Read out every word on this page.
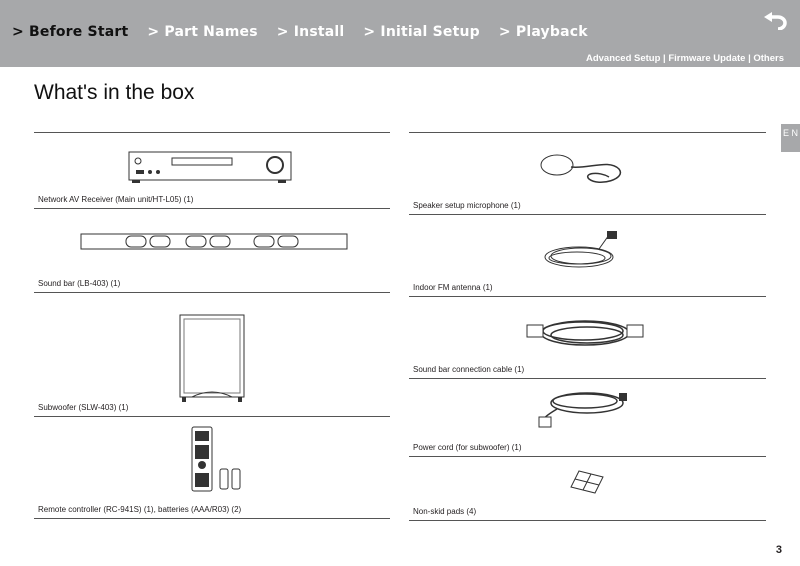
> Before Start > Part Names > Install > Initial Setup > Playback
Advanced Setup | Firmware Update | Others
What's in the box
E N
Network AV Receiver (Main unit/HT-L05) (1)
Sound bar (LB-403) (1)
Subwoofer (SLW-403) (1)
Remote controller (RC-941S) (1), batteries (AAA/R03) (2)
Speaker setup microphone (1)
Indoor FM antenna (1)
Sound bar connection cable (1)
Power cord (for subwoofer) (1)
Non-skid pads (4)
3
